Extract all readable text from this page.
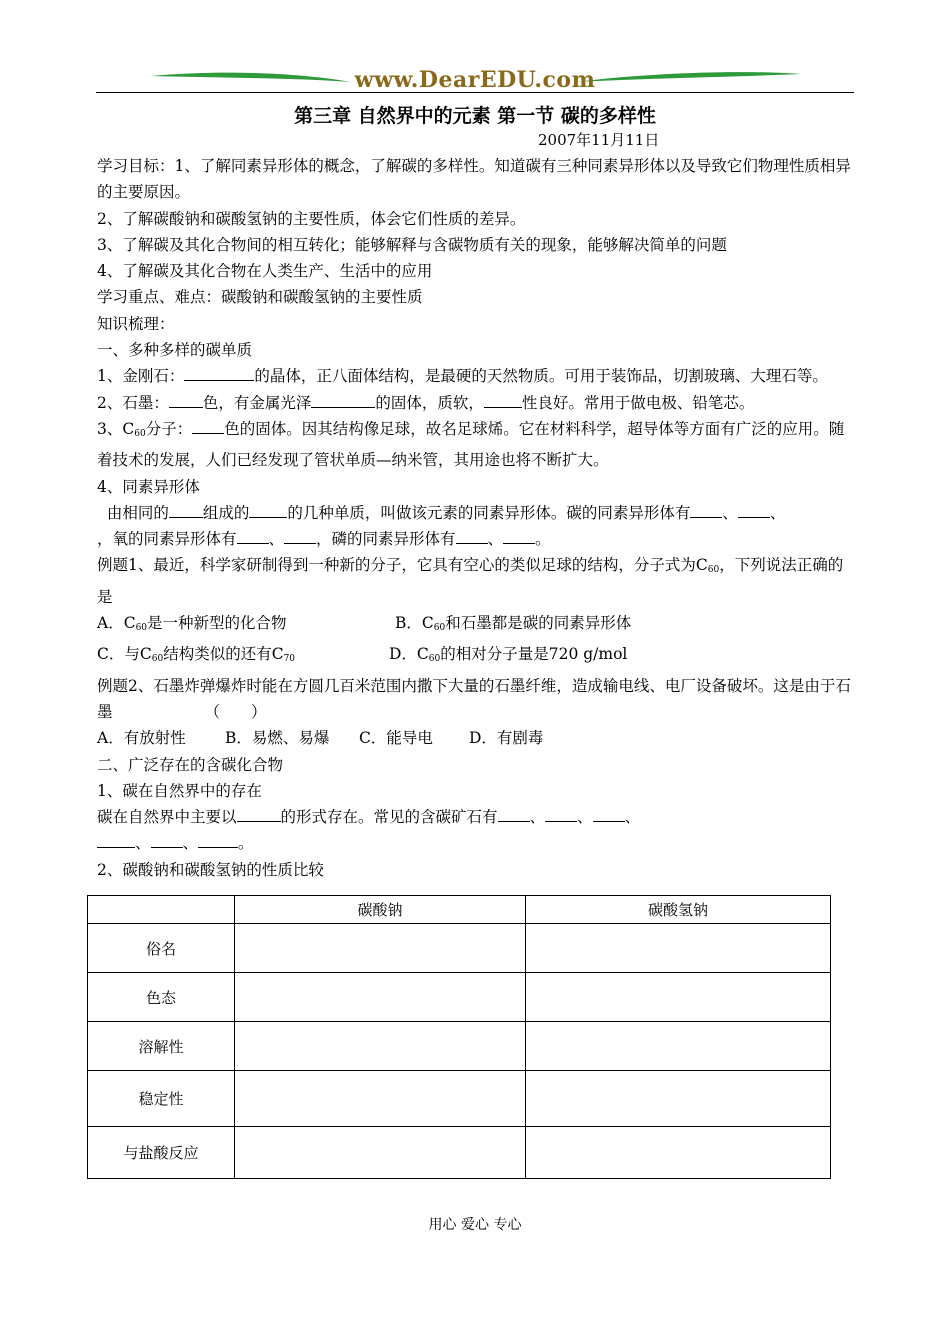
www.DearEDU.com
第三章 自然界中的元素 第一节 碳的多样性
2007年11月11日

学习目标：1、了解同素异形体的概念，了解碳的多样性。知道碳有三种同素异形体以及导致它们物理性质相异的主要原因。

2、了解碳酸钠和碳酸氢钠的主要性质，体会它们性质的差异。

3、了解碳及其化合物间的相互转化；能够解释与含碳物质有关的现象，能够解决简单的问题

4、了解碳及其化合物在人类生产、生活中的应用

学习重点、难点：碳酸钠和碳酸氢钠的主要性质

知识梳理：

一、多种多样的碳单质

1、金刚石：	的晶体，正八面体结构，是最硬的天然物质。可用于装饰品，切割玻璃、大理石等。

2、石墨： 色，有金属光泽	的固体，质软， 性良好。常用于做电极、铅笔芯。

3、$C_{60}$分子： 色的固体。因其结构像足球，故名足球烯。它在材料科学，超导体等方面有广泛的应用。随着技术的发展，人们已经发现了管状单质—纳米管，其用途也将不断扩大。

4、同素异形体

由相同的 组成的 的几种单质，叫做该元素的同素异形体。碳的同素异形体有 、 、
，氧的同素异形体有 、 ，磷的同素异形体有 、 。

例题1、最近，科学家研制得到一种新的分子，它具有空心的类似足球的结构，分子式为$C_{60}$，下列说法正确的是

A．$C_{60}$是一种新型的化合物	B．$C_{60}$和石墨都是碳的同素异形体

C．与$C_{60}$结构类似的还有$C_{70}$	D．$C_{60}$的相对分子量是720 g/mol

例题2、石墨炸弹爆炸时能在方圆几百米范围内撒下大量的石墨纤维，造成输电线、电厂设备破坏。这是由于石墨	（　　）

A．有放射性	B．易燃、易爆 C．能导电 D．有剧毒

二、广泛存在的含碳化合物

1、碳在自然界中的存在

碳在自然界中主要以	的形式存在。常见的含碳矿石有 、 、 、
、 、	。

2、碳酸钠和碳酸氢钠的性质比较

	碳酸钠	碳酸氢钠
俗名		
色态		
溶解性		
稳定性		
与盐酸反应		
用心 爱心 专心
